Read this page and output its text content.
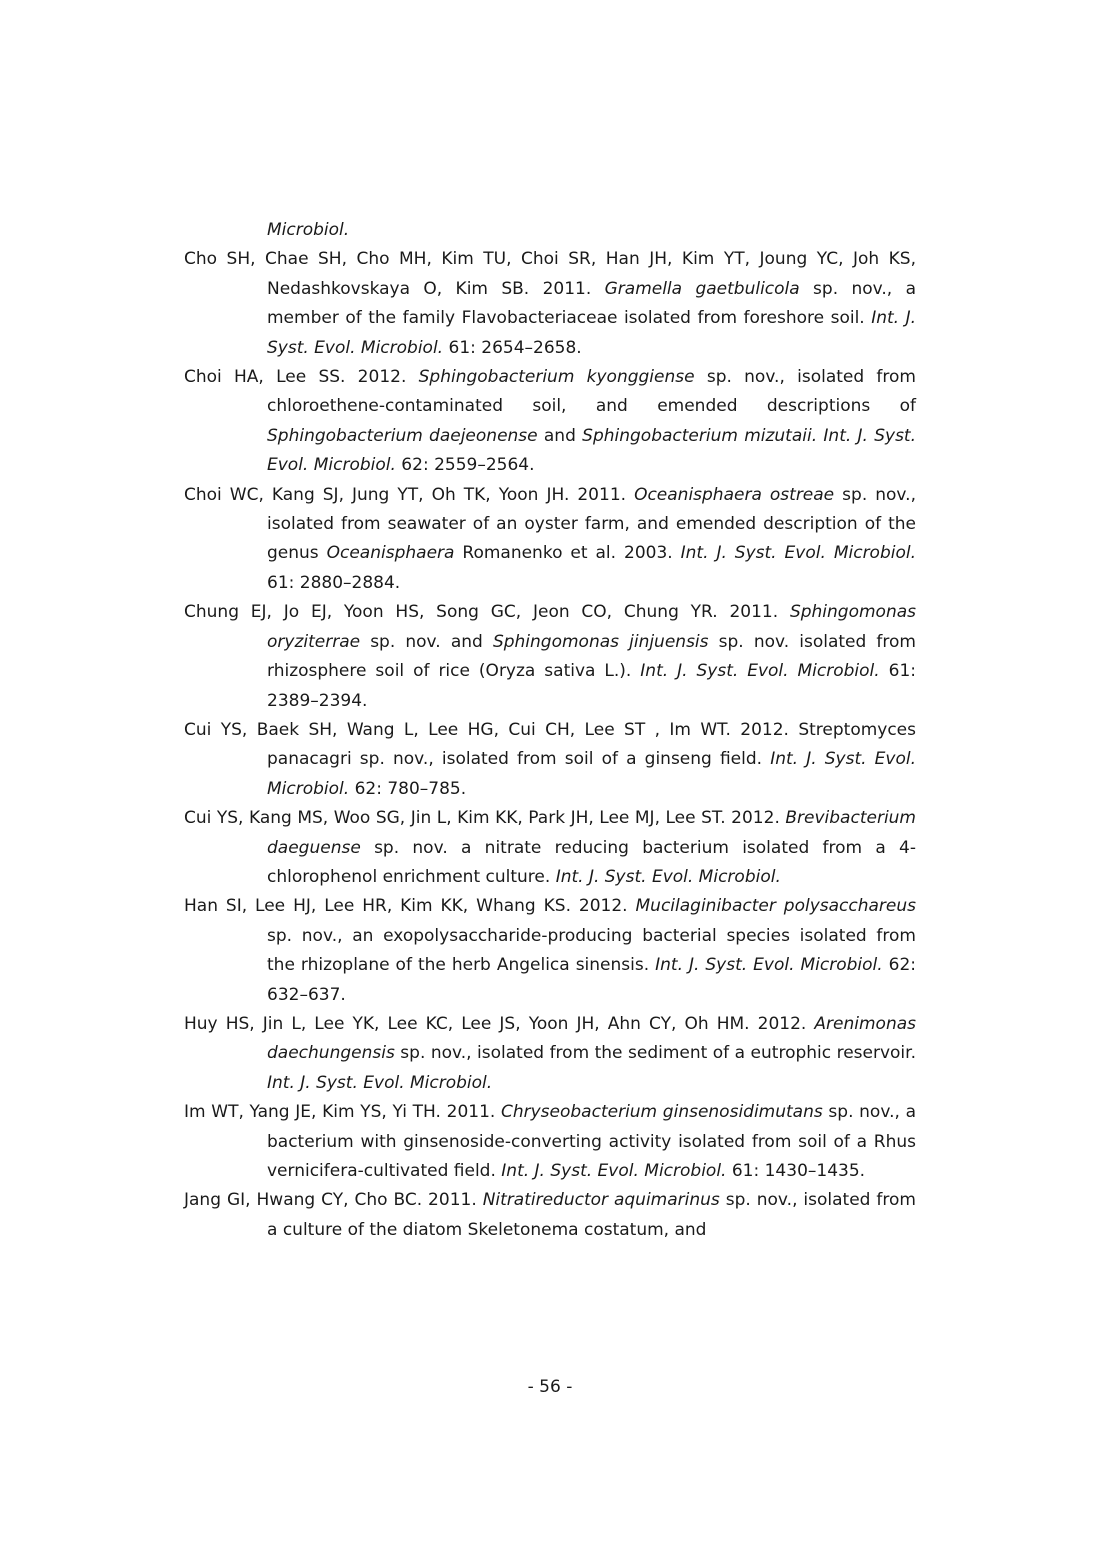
Microbiol.

Cho SH, Chae SH, Cho MH, Kim TU, Choi SR, Han JH, Kim YT, Joung YC, Joh KS, Nedashkovskaya O, Kim SB. 2011. Gramella gaetbulicola sp. nov., a member of the family Flavobacteriaceae isolated from foreshore soil. Int. J. Syst. Evol. Microbiol. 61: 2654–2658.

Choi HA, Lee SS. 2012. Sphingobacterium kyonggiense sp. nov., isolated from chloroethene-contaminated soil, and emended descriptions of Sphingobacterium daejeonense and Sphingobacterium mizutaii. Int. J. Syst. Evol. Microbiol. 62: 2559–2564.

Choi WC, Kang SJ, Jung YT, Oh TK, Yoon JH. 2011. Oceanisphaera ostreae sp. nov., isolated from seawater of an oyster farm, and emended description of the genus Oceanisphaera Romanenko et al. 2003. Int. J. Syst. Evol. Microbiol. 61: 2880–2884.

Chung EJ, Jo EJ, Yoon HS, Song GC, Jeon CO, Chung YR. 2011. Sphingomonas oryziterrae sp. nov. and Sphingomonas jinjuensis sp. nov. isolated from rhizosphere soil of rice (Oryza sativa L.). Int. J. Syst. Evol. Microbiol. 61: 2389–2394.

Cui YS, Baek SH, Wang L, Lee HG, Cui CH, Lee ST , Im WT. 2012. Streptomyces panacagri sp. nov., isolated from soil of a ginseng field. Int. J. Syst. Evol. Microbiol. 62: 780–785.

Cui YS, Kang MS, Woo SG, Jin L, Kim KK, Park JH, Lee MJ, Lee ST. 2012. Brevibacterium daeguense sp. nov. a nitrate reducing bacterium isolated from a 4-chlorophenol enrichment culture. Int. J. Syst. Evol. Microbiol.

Han SI, Lee HJ, Lee HR, Kim KK, Whang KS. 2012. Mucilaginibacter polysacchareus sp. nov., an exopolysaccharide-producing bacterial species isolated from the rhizoplane of the herb Angelica sinensis. Int. J. Syst. Evol. Microbiol. 62: 632–637.

Huy HS, Jin L, Lee YK, Lee KC, Lee JS, Yoon JH, Ahn CY, Oh HM. 2012. Arenimonas daechungensis sp. nov., isolated from the sediment of a eutrophic reservoir. Int. J. Syst. Evol. Microbiol.

Im WT, Yang JE, Kim YS, Yi TH. 2011. Chryseobacterium ginsenosidimutans sp. nov., a bacterium with ginsenoside-converting activity isolated from soil of a Rhus vernicifera-cultivated field. Int. J. Syst. Evol. Microbiol. 61: 1430–1435.

Jang GI, Hwang CY, Cho BC. 2011. Nitratireductor aquimarinus sp. nov., isolated from a culture of the diatom Skeletonema costatum, and

- 56 -
